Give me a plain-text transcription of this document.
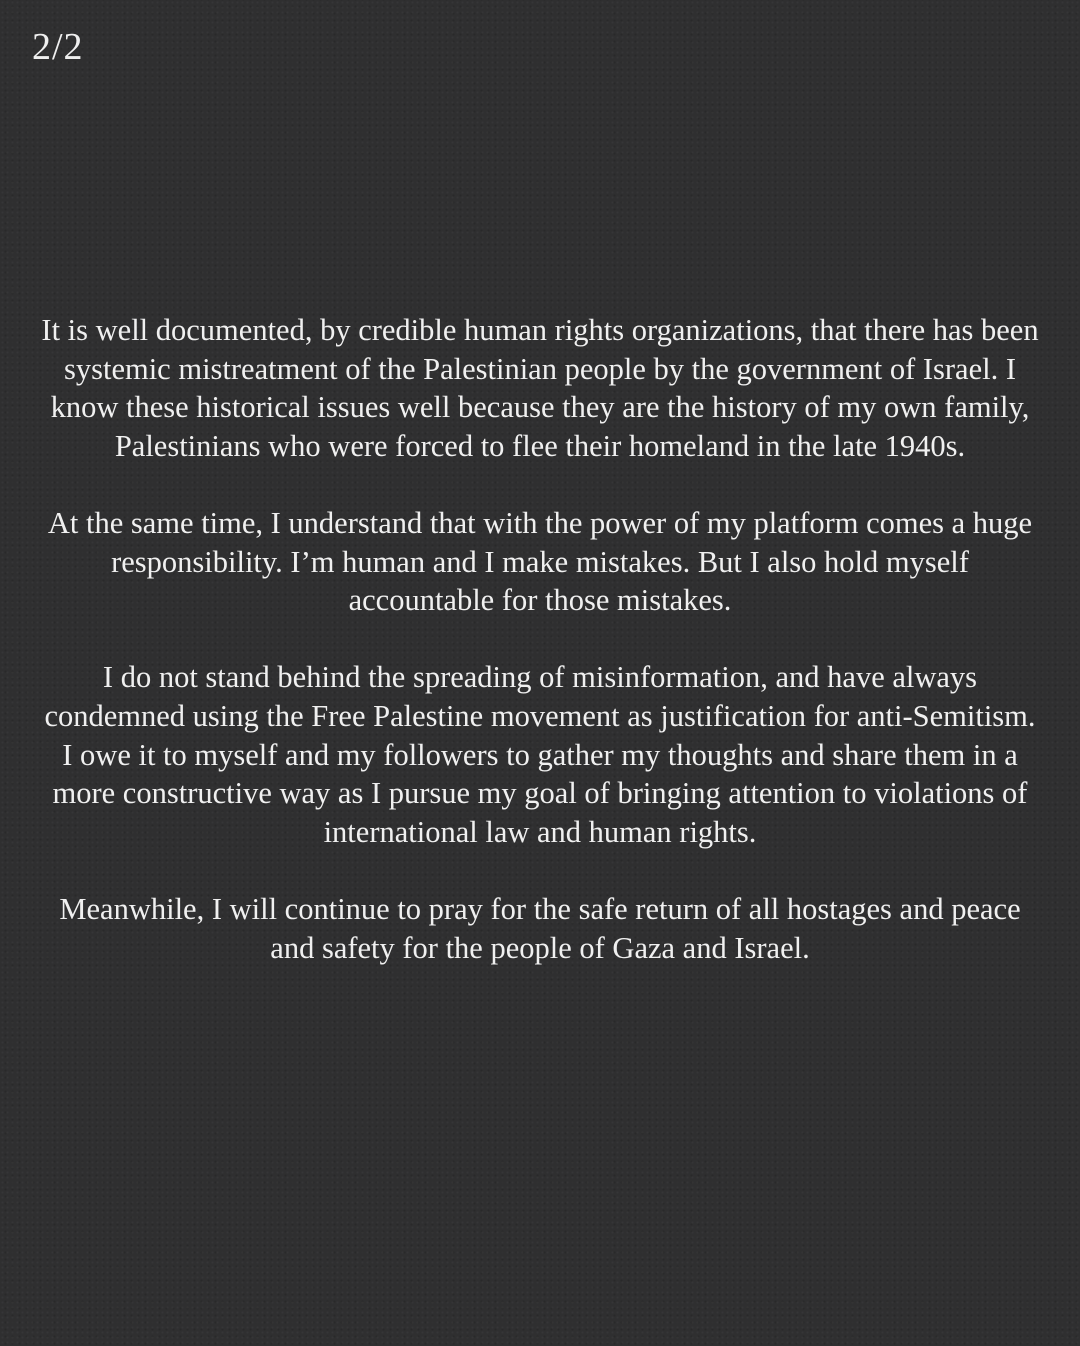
2/2

It is well documented, by credible human rights organizations, that there has been systemic mistreatment of the Palestinian people by the government of Israel. I know these historical issues well because they are the history of my own family, Palestinians who were forced to flee their homeland in the late 1940s.

At the same time, I understand that with the power of my platform comes a huge responsibility. I’m human and I make mistakes. But I also hold myself accountable for those mistakes.

I do not stand behind the spreading of misinformation, and have always condemned using the Free Palestine movement as justification for anti-Semitism. I owe it to myself and my followers to gather my thoughts and share them in a more constructive way as I pursue my goal of bringing attention to violations of international law and human rights.

Meanwhile, I will continue to pray for the safe return of all hostages and peace and safety for the people of Gaza and Israel.
